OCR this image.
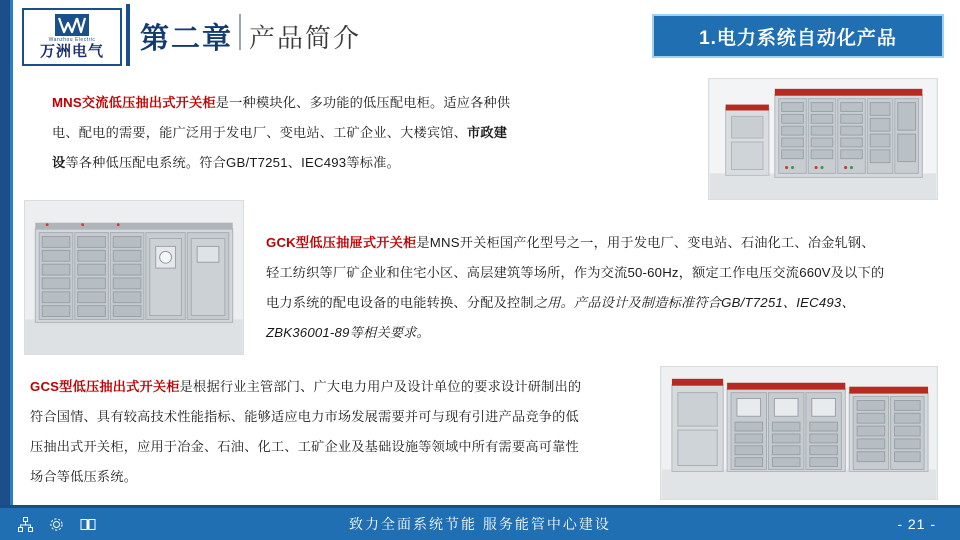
Wanzhou Electric
万洲电气 第二章 产品简介	1.电力系统自动化产品
MNS交流低压抽出式开关柜是一种模块化、多功能的低压配电柜。适应各种供电、配电的需要，能广泛用于发电厂、变电站、工矿企业、大楼宾馆、市政建设等各种低压配电系统。符合GB/T7251、IEC493等标准。
GCK型低压抽屉式开关柜是MNS开关柜国产化型号之一，用于发电厂、变电站、石油化工、冶金轧钢、轻工纺织等厂矿企业和住宅小区、高层建筑等场所，作为交流50-60Hz，额定工作电压交流660V及以下的电力系统的配电设备的电能转换、分配及控制之用。产品设计及制造标准符合GB/T7251、IEC493、ZBK36001-89等相关要求。
GCS型低压抽出式开关柜是根据行业主管部门、广大电力用户及设计单位的要求设计研制出的符合国情、具有较高技术性能指标、能够适应电力市场发展需要并可与现有引进产品竞争的低压抽出式开关柜，应用于冶金、石油、化工、工矿企业及基础设施等领域中所有需要高可靠性场合等低压系统。
致力全面系统节能 服务能管中心建设	- 21 -
